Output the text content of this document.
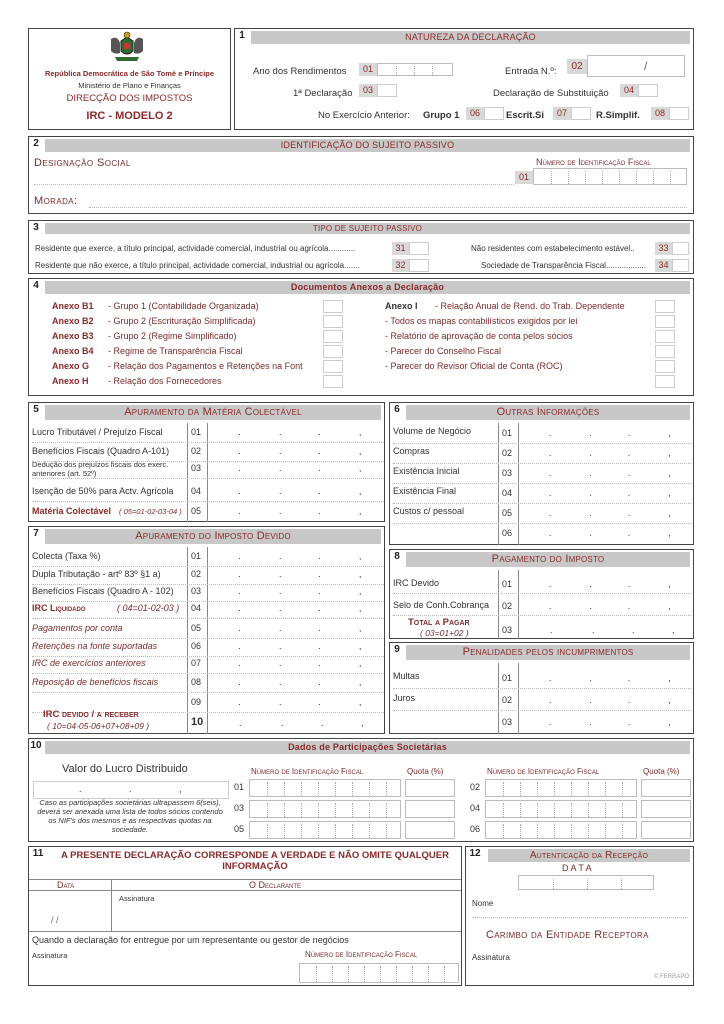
República Democrática de São Tomé e Príncipe
Ministério de Plano e Finanças
DIRECÇÃO DOS IMPOSTOS
IRC - MODELO 2
1	NATUREZA DA DECLARAÇÃO
Ano dos Rendimentos	01	Entrada N.º:	02	/
1ª Declaração	03	Declaração de Substituição	04
No Exercício Anterior: Grupo 1	06	Escrit.Si	07	R.Simplif.	08
2	IDENTIFICAÇÃO DO SUJEITO PASSIVO
Designação Social	Número de Identificação Fiscal
01
Morada:
3	TIPO DE SUJEITO PASSIVO
Residente que exerce, a título principal, actividade comercial, industrial ou agrícola............	31
Residente que não exerce, a título principal, actividade comercial, industrial ou agrícola.......	32
Não residentes com estabelecimento estável..	33
Sociedade de Transparência Fiscal..................	34
4	Documentos Anexos a Declaração
Anexo B1 - Grupo 1 (Contabilidade Organizada)
Anexo B2 - Grupo 2 (Escrituração Simplificada)
Anexo B3 - Grupo 2 (Regime Simplificado)
Anexo B4 - Regime de Transparência Fiscal
Anexo G - Relação dos Pagamentos e Retenções na Font
Anexo H - Relação dos Fornecedores
Anexo I - Relação Anual de Rend. do Trab. Dependente
- Todos os mapas contabilísticos exigidos por lei
- Relatório de aprovação de conta pelos sócios
- Parecer do Conselho Fiscal
- Parecer do Revisor Oficial de Conta (ROC)
5	Apuramento da Matéria Colectável
Lucro Tributável / Prejuízo Fiscal	01	.	.	.	,
Benefícios Fiscais (Quadro A-101) 02	.	.	.	,
Dedução dos prejuízos fiscais dos exerc. anteriores (art. 52º)
03	.	.	.	,
Isenção de 50% para Actv. Agrícola 04	.	.	.	,
Matéria Colectável ( 05=01-02-03-04 ) 05	.	.	.	,
6	Outras Informações
Volume de Negócio	01	.	.	.	,
Compras	02	.	.	.	,
Existência Inicial	03	.	.	.	,
Existência Final	04	.	.	.	,
Custos c/ pessoal	05	.	.	.	,
06	.	.	.	,
7	Apuramento do Imposto Devido
Colecta (Taxa %)	01	.	.	.	,
Dupla Tributação - artº 83º §1 a)	02	.	.	.	,
Benefícios Fiscais (Quadro A - 102) 03	.	.	.	,
IRC Liquidado	( 04=01-02-03 ) 04	.	.	.	,
Pagamentos por conta	05	.	.	.	,
Retenções na fonte suportadas	06	.	.	.	,
IRC de exercícios anteriores	07	.	.	.	,
Reposição de benefícios fiscais	08	.	.	.	,
09	.	.	.	,
IRC devido / a receber
( 10=04-05-06+07+08+09 )	10	.	.	.	,
8	Pagamento do Imposto
IRC Devido	01	.	.	.	,
Selo de Conh.Cobrança 02	.	.	.	,
Total a Pagar
( 03=01+02 )	03	.	.	.	,
9	Penalidades pelos incumprimentos
Multas	01	.	.	.	,
Juros	02	.	.	.	,
03	.	.	.	,
10	Dados de Participações Societárias
Valor do Lucro Distribuido
.	.	,
Número de Identificação Fiscal	Quota (%)	Número de Identificação Fiscal	Quota (%)
Caso as participações societárias ultrapassem 6(seis), deverá ser anexada uma lista de todos sócios contendo os NIF's dos mesmos e as respectivas quotas na sociedade.
01	02
03	04
05	06
11	A PRESENTE DECLARAÇÃO CORRESPONDE A VERDADE E NÃO OMITE QUALQUER INFORMAÇÃO
Data	O Declarante
Assinatura
/ /
Quando a declaração for entregue por um representante ou gestor de negócios
Assinatura	Número de Identificação Fiscal
12	Autenticação da Recepção
D A T A
Nome
Carimbo da Entidade Receptora
Assinatura
© FERRAPO
